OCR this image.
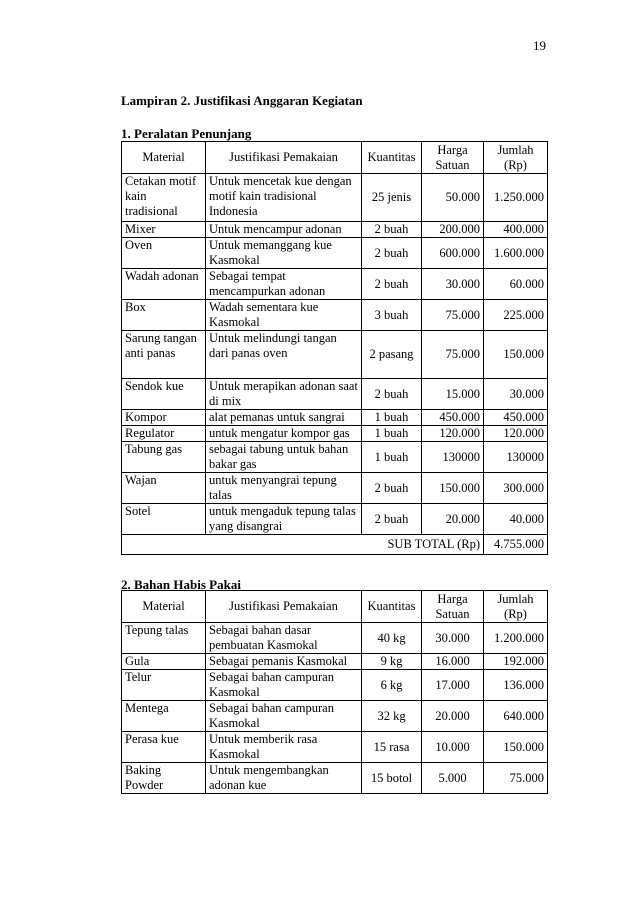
19
Lampiran 2. Justifikasi Anggaran Kegiatan
1. Peralatan Penunjang
Material	Justifikasi Pemakaian	Kuantitas	Harga Satuan	Jumlah (Rp)
Cetakan motif kain tradisional	Untuk mencetak kue dengan motif kain tradisional Indonesia	25 jenis	50.000	1.250.000
Mixer	Untuk mencampur adonan	2 buah	200.000	400.000
Oven	Untuk memanggang kue Kasmokal	2 buah	600.000	1.600.000
Wadah adonan	Sebagai tempat mencampurkan adonan	2 buah	30.000	60.000
Box	Wadah sementara kue Kasmokal	3 buah	75.000	225.000
Sarung tangan anti panas	Untuk melindungi tangan dari panas oven	2 pasang	75.000	150.000
Sendok kue	Untuk merapikan adonan saat di mix	2 buah	15.000	30.000
Kompor	alat pemanas untuk sangrai	1 buah	450.000	450.000
Regulator	untuk mengatur kompor gas	1 buah	120.000	120.000
Tabung gas	sebagai tabung untuk bahan bakar gas	1 buah	130000	130000
Wajan	untuk menyangrai tepung talas	2 buah	150.000	300.000
Sotel	untuk mengaduk tepung talas yang disangrai	2 buah	20.000	40.000
SUB TOTAL (Rp)				4.755.000
2. Bahan Habis Pakai
Material	Justifikasi Pemakaian	Kuantitas	Harga Satuan	Jumlah (Rp)
Tepung talas	Sebagai bahan dasar pembuatan Kasmokal	40 kg	30.000	1.200.000
Gula	Sebagai pemanis Kasmokal	9 kg	16.000	192.000
Telur	Sebagai bahan campuran Kasmokal	6 kg	17.000	136.000
Mentega	Sebagai bahan campuran Kasmokal	32 kg	20.000	640.000
Perasa kue	Untuk memberik rasa Kasmokal	15 rasa	10.000	150.000
Baking Powder	Untuk mengembangkan adonan kue	15 botol	5.000	75.000
